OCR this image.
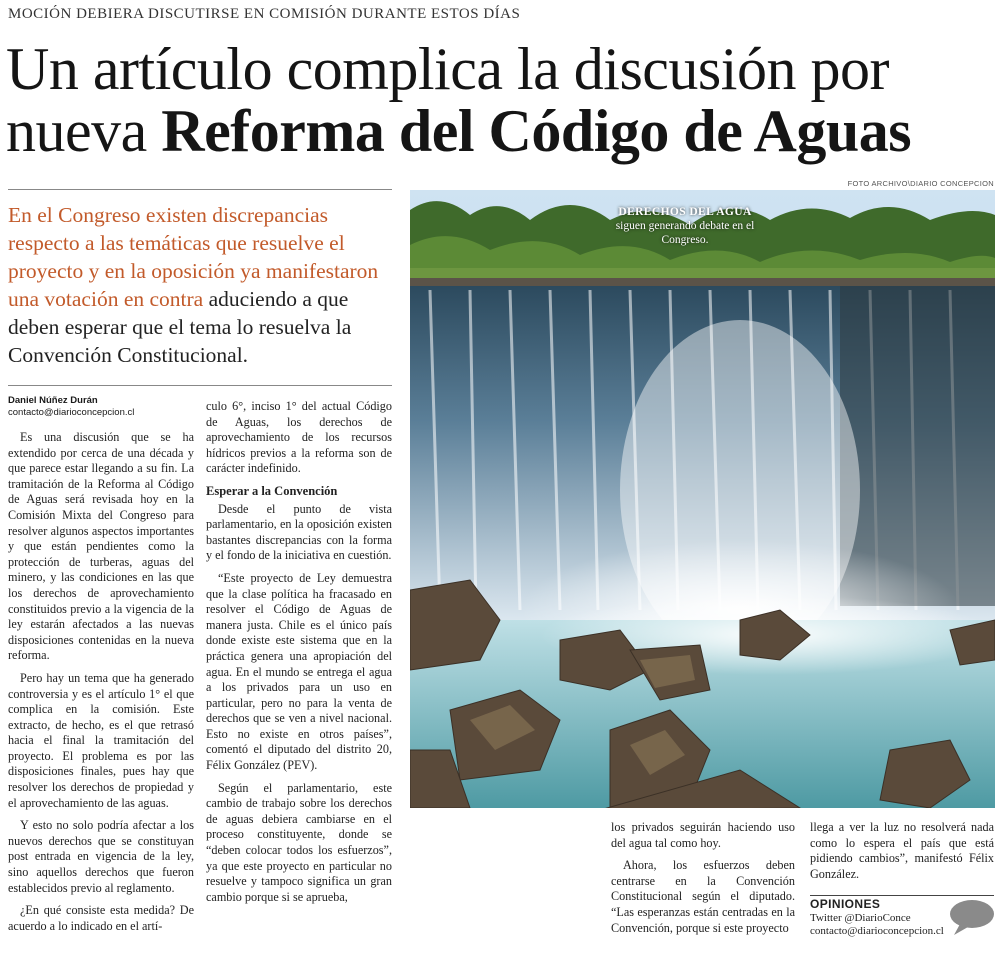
MOCIÓN DEBIERA DISCUTIRSE EN COMISIÓN DURANTE ESTOS DÍAS
Un artículo complica la discusión por
nueva Reforma del Código de Aguas
En el Congreso existen discrepancias respecto a las temáticas que resuelve el proyecto y en la oposición ya manifestaron una votación en contra aduciendo a que deben esperar que el tema lo resuelva la Convención Constitucional.
Daniel Núñez Durán
contacto@diarioconcepcion.cl

Es una discusión que se ha extendido por cerca de una década y que parece estar llegando a su fin. La tramitación de la Reforma al Código de Aguas será revisada hoy en la Comisión Mixta del Congreso para resolver algunos aspectos importantes y que están pendientes como la protección de turberas, aguas del minero, y las condiciones en las que los derechos de aprovechamiento constituidos previo a la vigencia de la ley estarán afectados a las nuevas disposiciones contenidas en la nueva reforma.

Pero hay un tema que ha generado controversia y es el artículo 1° el que complica en la comisión. Este extracto, de hecho, es el que retrasó hacia el final la tramitación del proyecto. El problema es por las disposiciones finales, pues hay que resolver los derechos de propiedad y el aprovechamiento de las aguas.

Y esto no solo podría afectar a los nuevos derechos que se constituyan post entrada en vigencia de la ley, sino aquellos derechos que fueron establecidos previo al reglamento.

¿En qué consiste esta medida? De acuerdo a lo indicado en el artí-

culo 6°, inciso 1° del actual Código de Aguas, los derechos de aprovechamiento de los recursos hídricos previos a la reforma son de carácter indefinido.

Esperar a la Convención

Desde el punto de vista parlamentario, en la oposición existen bastantes discrepancias con la forma y el fondo de la iniciativa en cuestión.

“Este proyecto de Ley demuestra que la clase política ha fracasado en resolver el Código de Aguas de manera justa. Chile es el único país donde existe este sistema que en la práctica genera una apropiación del agua. En el mundo se entrega el agua a los privados para un uso en particular, pero no para la venta de derechos que se ven a nivel nacional. Esto no existe en otros países”, comentó el diputado del distrito 20, Félix González (PEV).

Según el parlamentario, este cambio de trabajo sobre los derechos de aguas debiera cambiarse en el proceso constituyente, donde se “deben colocar todos los esfuerzos”, ya que este proyecto en particular no resuelve y tampoco significa un gran cambio porque si se aprueba,

FOTO ARCHIVO\DIARIO CONCEPCION
DERECHOS DEL AGUA
siguen generando debate en el Congreso.

los privados seguirán haciendo uso del agua tal como hoy.

Ahora, los esfuerzos deben centrarse en la Convención Constitucional según el diputado. “Las esperanzas están centradas en la Convención, porque si este proyecto

llega a ver la luz no resolverá nada como lo espera el país que está pidiendo cambios”, manifestó Félix González.

OPINIONES
Twitter @DiarioConce
contacto@diarioconcepcion.cl
